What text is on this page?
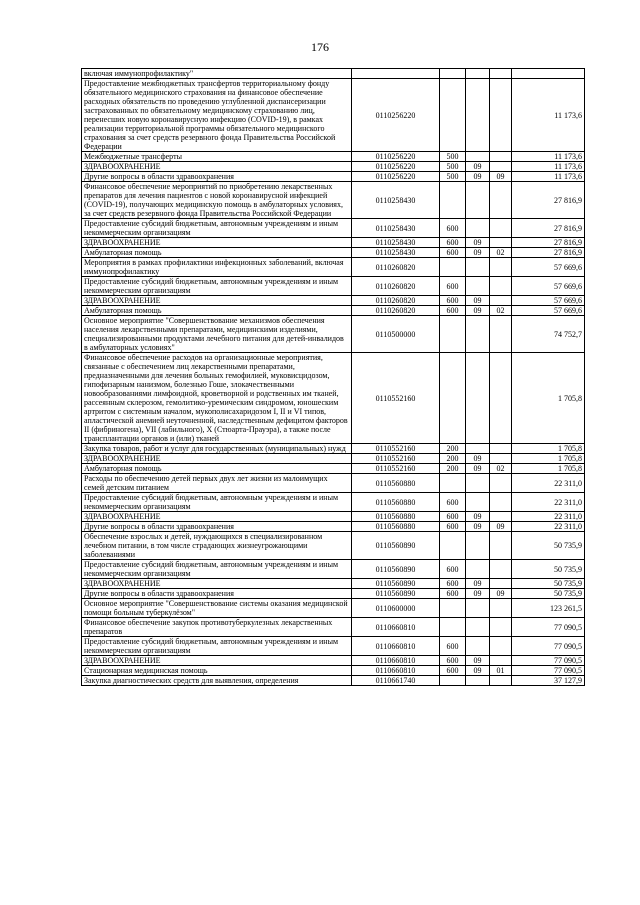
176
включая иммунопрофилактику"					
Предоставление межбюджетных трансфертов территориальному фонду обязательного медицинского страхования на финансовое обеспечение расходных обязательств по проведению углубленной диспансеризации застрахованных по обязательному медицинскому страхованию лиц, перенесших новую коронавирусную инфекцию (COVID-19), в рамках реализации территориальной программы обязательного медицинского страхования за счет средств резервного фонда Правительства Российской Федерации	0110256220				11 173,6
Межбюджетные трансферты	0110256220	500			11 173,6
ЗДРАВООХРАНЕНИЕ	0110256220	500	09		11 173,6
Другие вопросы в области здравоохранения	0110256220	500	09	09	11 173,6
Финансовое обеспечение мероприятий по приобретению лекарственных препаратов для лечения пациентов с новой коронавирусной инфекцией (COVID-19), получающих медицинскую помощь в амбулаторных условиях, за счет средств резервного фонда Правительства Российской Федерации	0110258430				27 816,9
Предоставление субсидий бюджетным, автономным учреждениям и иным некоммерческим организациям	0110258430	600			27 816,9
ЗДРАВООХРАНЕНИЕ	0110258430	600	09		27 816,9
Амбулаторная помощь	0110258430	600	09	02	27 816,9
Мероприятия в рамках профилактики инфекционных заболеваний, включая иммунопрофилактику	0110260820				57 669,6
Предоставление субсидий бюджетным, автономным учреждениям и иным некоммерческим организациям	0110260820	600			57 669,6
ЗДРАВООХРАНЕНИЕ	0110260820	600	09		57 669,6
Амбулаторная помощь	0110260820	600	09	02	57 669,6
Основное мероприятие "Совершенствование механизмов обеспечения населения лекарственными препаратами, медицинскими изделиями, специализированными продуктами лечебного питания для детей-инвалидов в амбулаторных условиях"	0110500000				74 752,7
Финансовое обеспечение расходов на организационные мероприятия, связанные с обеспечением лиц лекарственными препаратами, предназначенными для лечения больных гемофилией, муковисцидозом, гипофизарным нанизмом, болезнью Гоше, злокачественными новообразованиями лимфоидной, кроветворной и родственных им тканей, рассеянным склерозом, гемолитико-уремическим синдромом, юношеским артритом с системным началом, мукополисахаридозом I, II и VI типов, апластической анемией неуточненной, наследственным дефицитом факторов II (фибриногена), VII (лабильного), X (Стюарта-Прауэра), а также после трансплантации органов и (или) тканей	0110552160				1 705,8
Закупка товаров, работ и услуг для государственных (муниципальных) нужд	0110552160	200			1 705,8
ЗДРАВООХРАНЕНИЕ	0110552160	200	09		1 705,8
Амбулаторная помощь	0110552160	200	09	02	1 705,8
Расходы по обеспечению детей первых двух лет жизни из малоимущих семей детским питанием	0110560880				22 311,0
Предоставление субсидий бюджетным, автономным учреждениям и иным некоммерческим организациям	0110560880	600			22 311,0
ЗДРАВООХРАНЕНИЕ	0110560880	600	09		22 311,0
Другие вопросы в области здравоохранения	0110560880	600	09	09	22 311,0
Обеспечение взрослых и детей, нуждающихся в специализированном лечебном питании, в том числе страдающих жизнеугрожающими заболеваниями	0110560890				50 735,9
Предоставление субсидий бюджетным, автономным учреждениям и иным некоммерческим организациям	0110560890	600			50 735,9
ЗДРАВООХРАНЕНИЕ	0110560890	600	09		50 735,9
Другие вопросы в области здравоохранения	0110560890	600	09	09	50 735,9
Основное мероприятие "Совершенствование системы оказания медицинской помощи больным туберкулёзом"	0110600000				123 261,5
Финансовое обеспечение закупок противотуберкулезных лекарственных препаратов	0110660810				77 090,5
Предоставление субсидий бюджетным, автономным учреждениям и иным некоммерческим организациям	0110660810	600			77 090,5
ЗДРАВООХРАНЕНИЕ	0110660810	600	09		77 090,5
Стационарная медицинская помощь	0110660810	600	09	01	77 090,5
Закупка диагностических средств для выявления, определения	0110661740				37 127,9
